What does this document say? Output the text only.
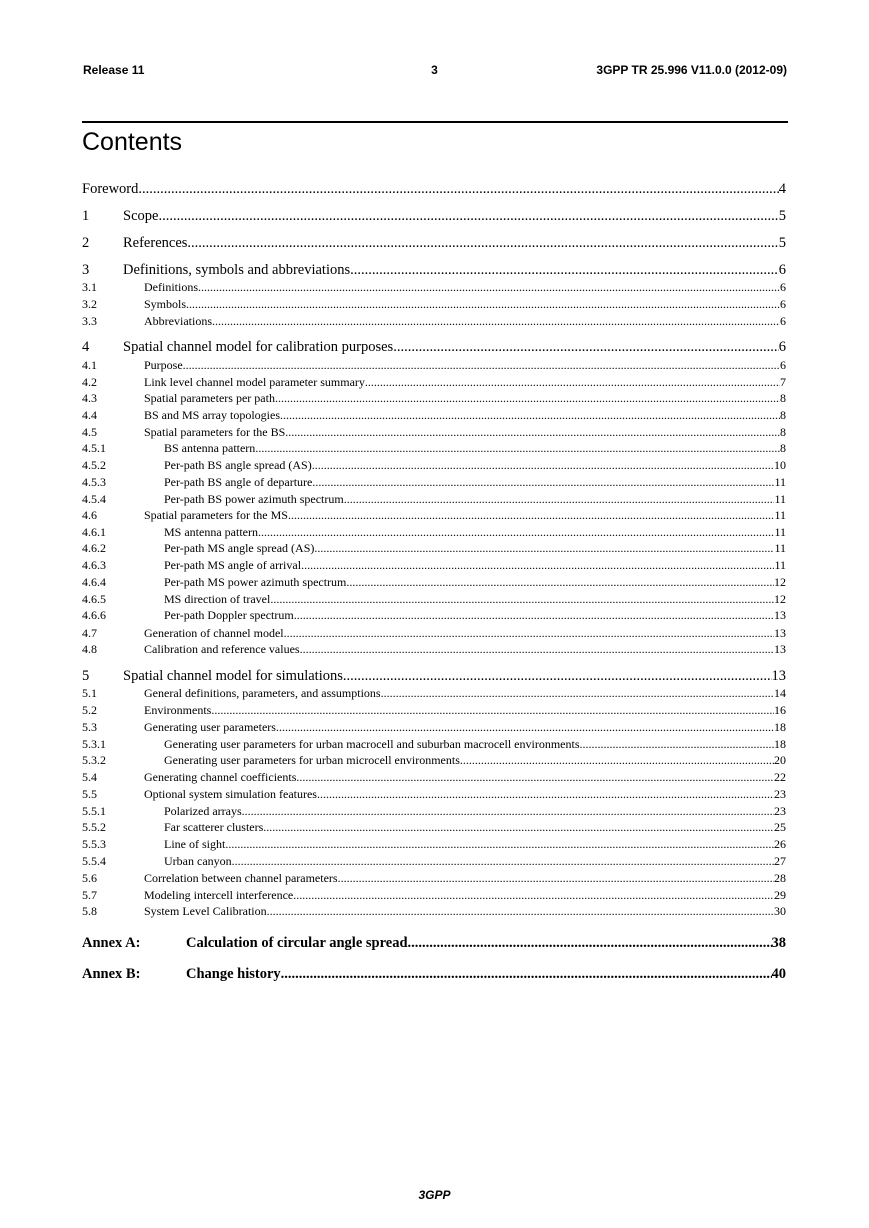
Release 11	3	3GPP TR 25.996 V11.0.0 (2012-09)
Contents
Foreword .....	4
1	Scope .....	5
2	References .....	5
3	Definitions, symbols and abbreviations .....	6
3.1	Definitions .....	6
3.2	Symbols .....	6
3.3	Abbreviations .....	6
4	Spatial channel model for calibration purposes .....	6
4.1	Purpose .....	6
4.2	Link level channel model parameter summary .....	7
4.3	Spatial parameters per path .....	8
4.4	BS and MS array topologies .....	8
4.5	Spatial parameters for the BS .....	8
4.5.1	BS antenna pattern .....	8
4.5.2	Per-path BS angle spread (AS) .....	10
4.5.3	Per-path BS angle of departure .....	11
4.5.4	Per-path BS power azimuth spectrum .....	11
4.6	Spatial parameters for the MS .....	11
4.6.1	MS antenna pattern .....	11
4.6.2	Per-path MS angle spread (AS) .....	11
4.6.3	Per-path MS angle of arrival .....	11
4.6.4	Per-path MS power azimuth spectrum .....	12
4.6.5	MS direction of travel .....	12
4.6.6	Per-path Doppler spectrum .....	13
4.7	Generation of channel model .....	13
4.8	Calibration and reference values .....	13
5	Spatial channel model for simulations .....	13
5.1	General definitions, parameters, and assumptions .....	14
5.2	Environments .....	16
5.3	Generating user parameters .....	18
5.3.1	Generating user parameters for urban macrocell and suburban macrocell environments .....	18
5.3.2	Generating user parameters for urban microcell environments .....	20
5.4	Generating channel coefficients .....	22
5.5	Optional system simulation features .....	23
5.5.1	Polarized arrays .....	23
5.5.2	Far scatterer clusters .....	25
5.5.3	Line of sight .....	26
5.5.4	Urban canyon .....	27
5.6	Correlation between channel parameters .....	28
5.7	Modeling intercell interference .....	29
5.8	System Level Calibration .....	30
Annex A:	Calculation of circular angle spread .....	38
Annex B:	Change history .....	40
3GPP
